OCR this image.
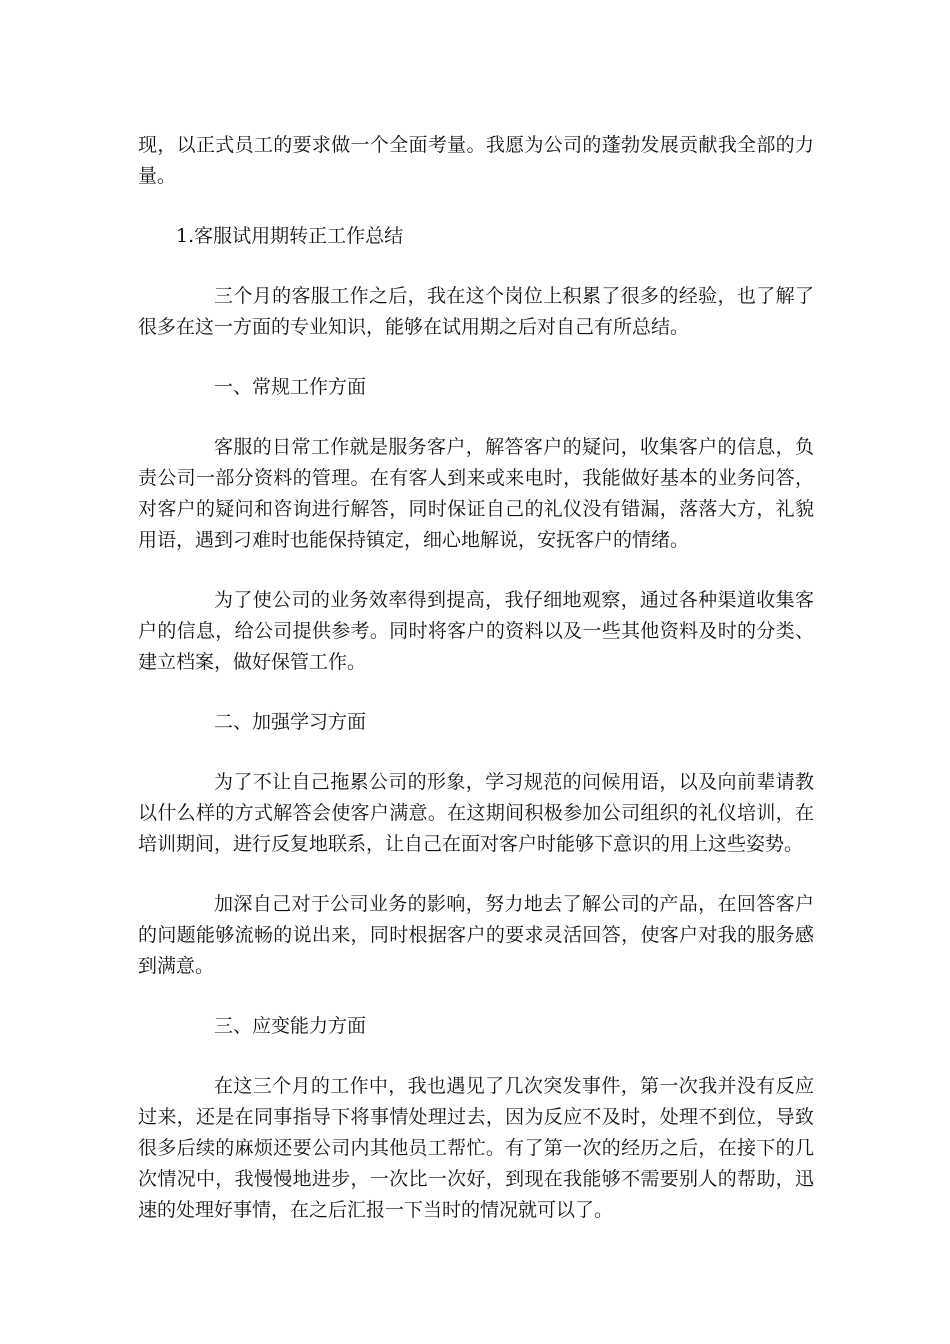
现，以正式员工的要求做一个全面考量。我愿为公司的蓬勃发展贡献我全部的力量。

1.客服试用期转正工作总结

三个月的客服工作之后，我在这个岗位上积累了很多的经验，也了解了很多在这一方面的专业知识，能够在试用期之后对自己有所总结。

一、常规工作方面

客服的日常工作就是服务客户，解答客户的疑问，收集客户的信息，负责公司一部分资料的管理。在有客人到来或来电时，我能做好基本的业务问答，对客户的疑问和咨询进行解答，同时保证自己的礼仪没有错漏，落落大方，礼貌用语，遇到刁难时也能保持镇定，细心地解说，安抚客户的情绪。

为了使公司的业务效率得到提高，我仔细地观察，通过各种渠道收集客户的信息，给公司提供参考。同时将客户的资料以及一些其他资料及时的分类、建立档案，做好保管工作。

二、加强学习方面

为了不让自己拖累公司的形象，学习规范的问候用语，以及向前辈请教以什么样的方式解答会使客户满意。在这期间积极参加公司组织的礼仪培训，在培训期间，进行反复地联系，让自己在面对客户时能够下意识的用上这些姿势。

加深自己对于公司业务的影响，努力地去了解公司的产品，在回答客户的问题能够流畅的说出来，同时根据客户的要求灵活回答，使客户对我的服务感到满意。

三、应变能力方面

在这三个月的工作中，我也遇见了几次突发事件，第一次我并没有反应过来，还是在同事指导下将事情处理过去，因为反应不及时，处理不到位，导致很多后续的麻烦还要公司内其他员工帮忙。有了第一次的经历之后，在接下的几次情况中，我慢慢地进步，一次比一次好，到现在我能够不需要别人的帮助，迅速的处理好事情，在之后汇报一下当时的情况就可以了。
